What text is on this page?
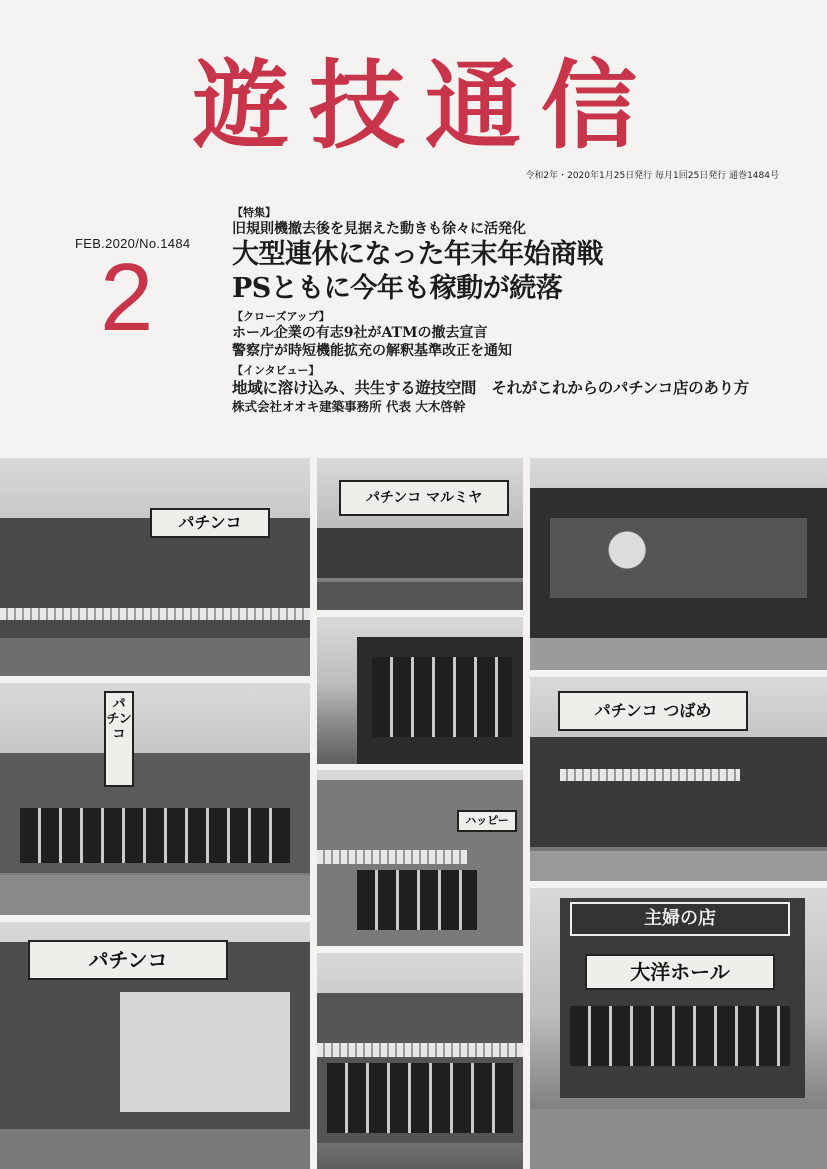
遊技通信
令和2年・2020年1月25日発行 毎月1回25日発行 通巻1484号
FEB.2020/No.1484
2
【特集】
旧規則機撤去後を見据えた動きも徐々に活発化
大型連休になった年末年始商戦
PSともに今年も稼動が続落
【クローズアップ】
ホール企業の有志9社がATMの撤去宣言
警察庁が時短機能拡充の解釈基準改正を通知
【インタビュー】
地域に溶け込み、共生する遊技空間　それがこれからのパチンコ店のあり方
株式会社オオキ建築事務所 代表 大木啓幹
パチンコ
パチンコ マルミヤ
パチンコ
パチンコ つばめ
ハッピー
パチンコ
主婦の店
大洋ホール
